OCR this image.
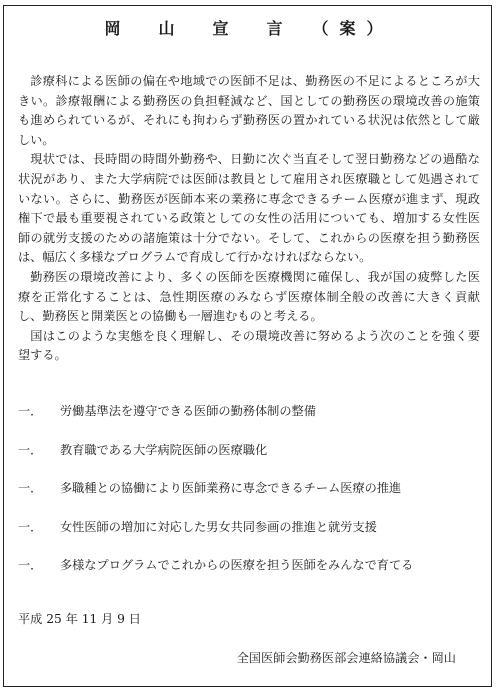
岡　山　宣　言　（案）

診療科による医師の偏在や地域での医師不足は、勤務医の不足によるところが大きい。診療報酬による勤務医の負担軽減など、国としての勤務医の環境改善の施策も進められているが、それにも拘わらず勤務医の置かれている状況は依然として厳しい。

現状では、長時間の時間外勤務や、日勤に次ぐ当直そして翌日勤務などの過酷な状況があり、また大学病院では医師は教員として雇用され医療職として処遇されていない。さらに、勤務医が医師本来の業務に専念できるチーム医療が進まず、現政権下で最も重要視されている政策としての女性の活用についても、増加する女性医師の就労支援のための諸施策は十分でない。そして、これからの医療を担う勤務医は、幅広く多様なプログラムで育成して行かなければならない。

勤務医の環境改善により、多くの医師を医療機関に確保し、我が国の疲弊した医療を正常化することは、急性期医療のみならず医療体制全般の改善に大きく貢献し、勤務医と開業医との協働も一層進むものと考える。

国はこのような実態を良く理解し、その環境改善に努めるよう次のことを強く要望する。

一． 労働基準法を遵守できる医師の勤務体制の整備
一． 教育職である大学病院医師の医療職化
一． 多職種との協働により医師業務に専念できるチーム医療の推進
一． 女性医師の増加に対応した男女共同参画の推進と就労支援
一． 多様なプログラムでこれからの医療を担う医師をみんなで育てる
平成 25 年 11 月 9 日
全国医師会勤務医部会連絡協議会・岡山
